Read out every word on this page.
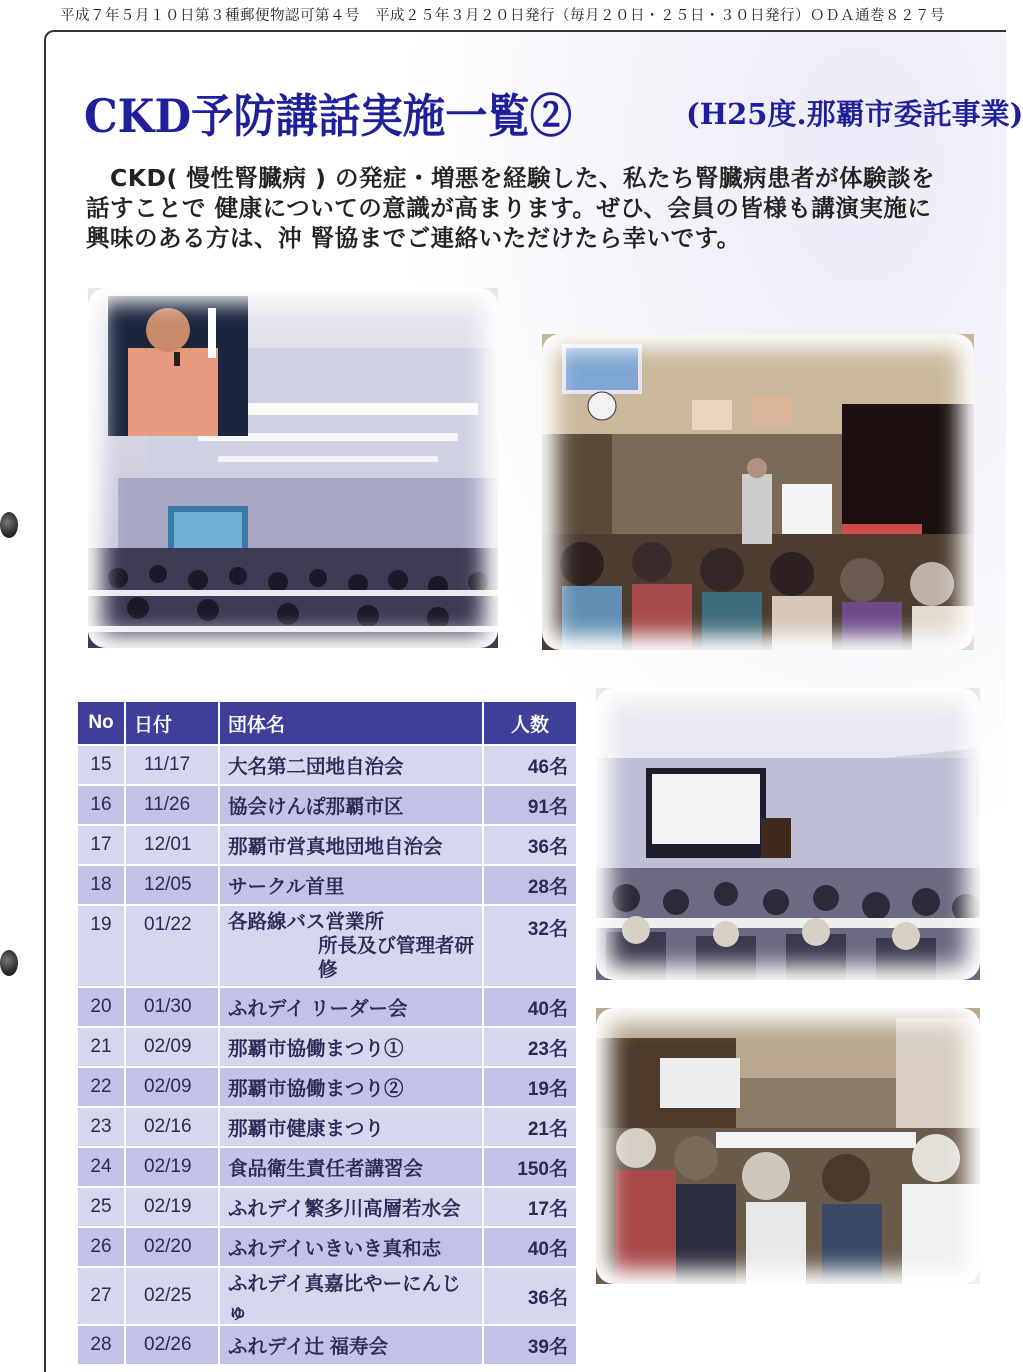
平成７年５月１０日第３種郵便物認可第４号　平成２５年３月２０日発行（毎月２０日・２５日・３０日発行）ＯＤＡ通巻８２７号
CKD予防講話実施一覧②	(H25度.那覇市委託事業)

　CKD( 慢性腎臓病 ) の発症・増悪を経験した、私たち腎臓病患者が体験談を

話すことで 健康についての意識が高まります。ぜひ、会員の皆様も講演実施に

興味のある方は、沖 腎協までご連絡いただけたら幸いです。

No	日付	団体名	人数
15	11/17	大名第二団地自治会	46名
16	11/26	協会けんぽ那覇市区	91名
17	12/01	那覇市営真地団地自治会	36名
18	12/05	サークル首里	28名
19	01/22	各路線バス営業所
所長及び管理者研修	32名
20	01/30	ふれデイ リーダー会	40名
21	02/09	那覇市協働まつり①	23名
22	02/09	那覇市協働まつり②	19名
23	02/16	那覇市健康まつり	21名
24	02/19	食品衛生責任者講習会	150名
25	02/19	ふれデイ繁多川高層若水会	17名
26	02/20	ふれデイいきいき真和志	40名
27	02/25	ふれデイ真嘉比やーにんじゅ	36名
28	02/26	ふれデイ辻 福寿会	39名
